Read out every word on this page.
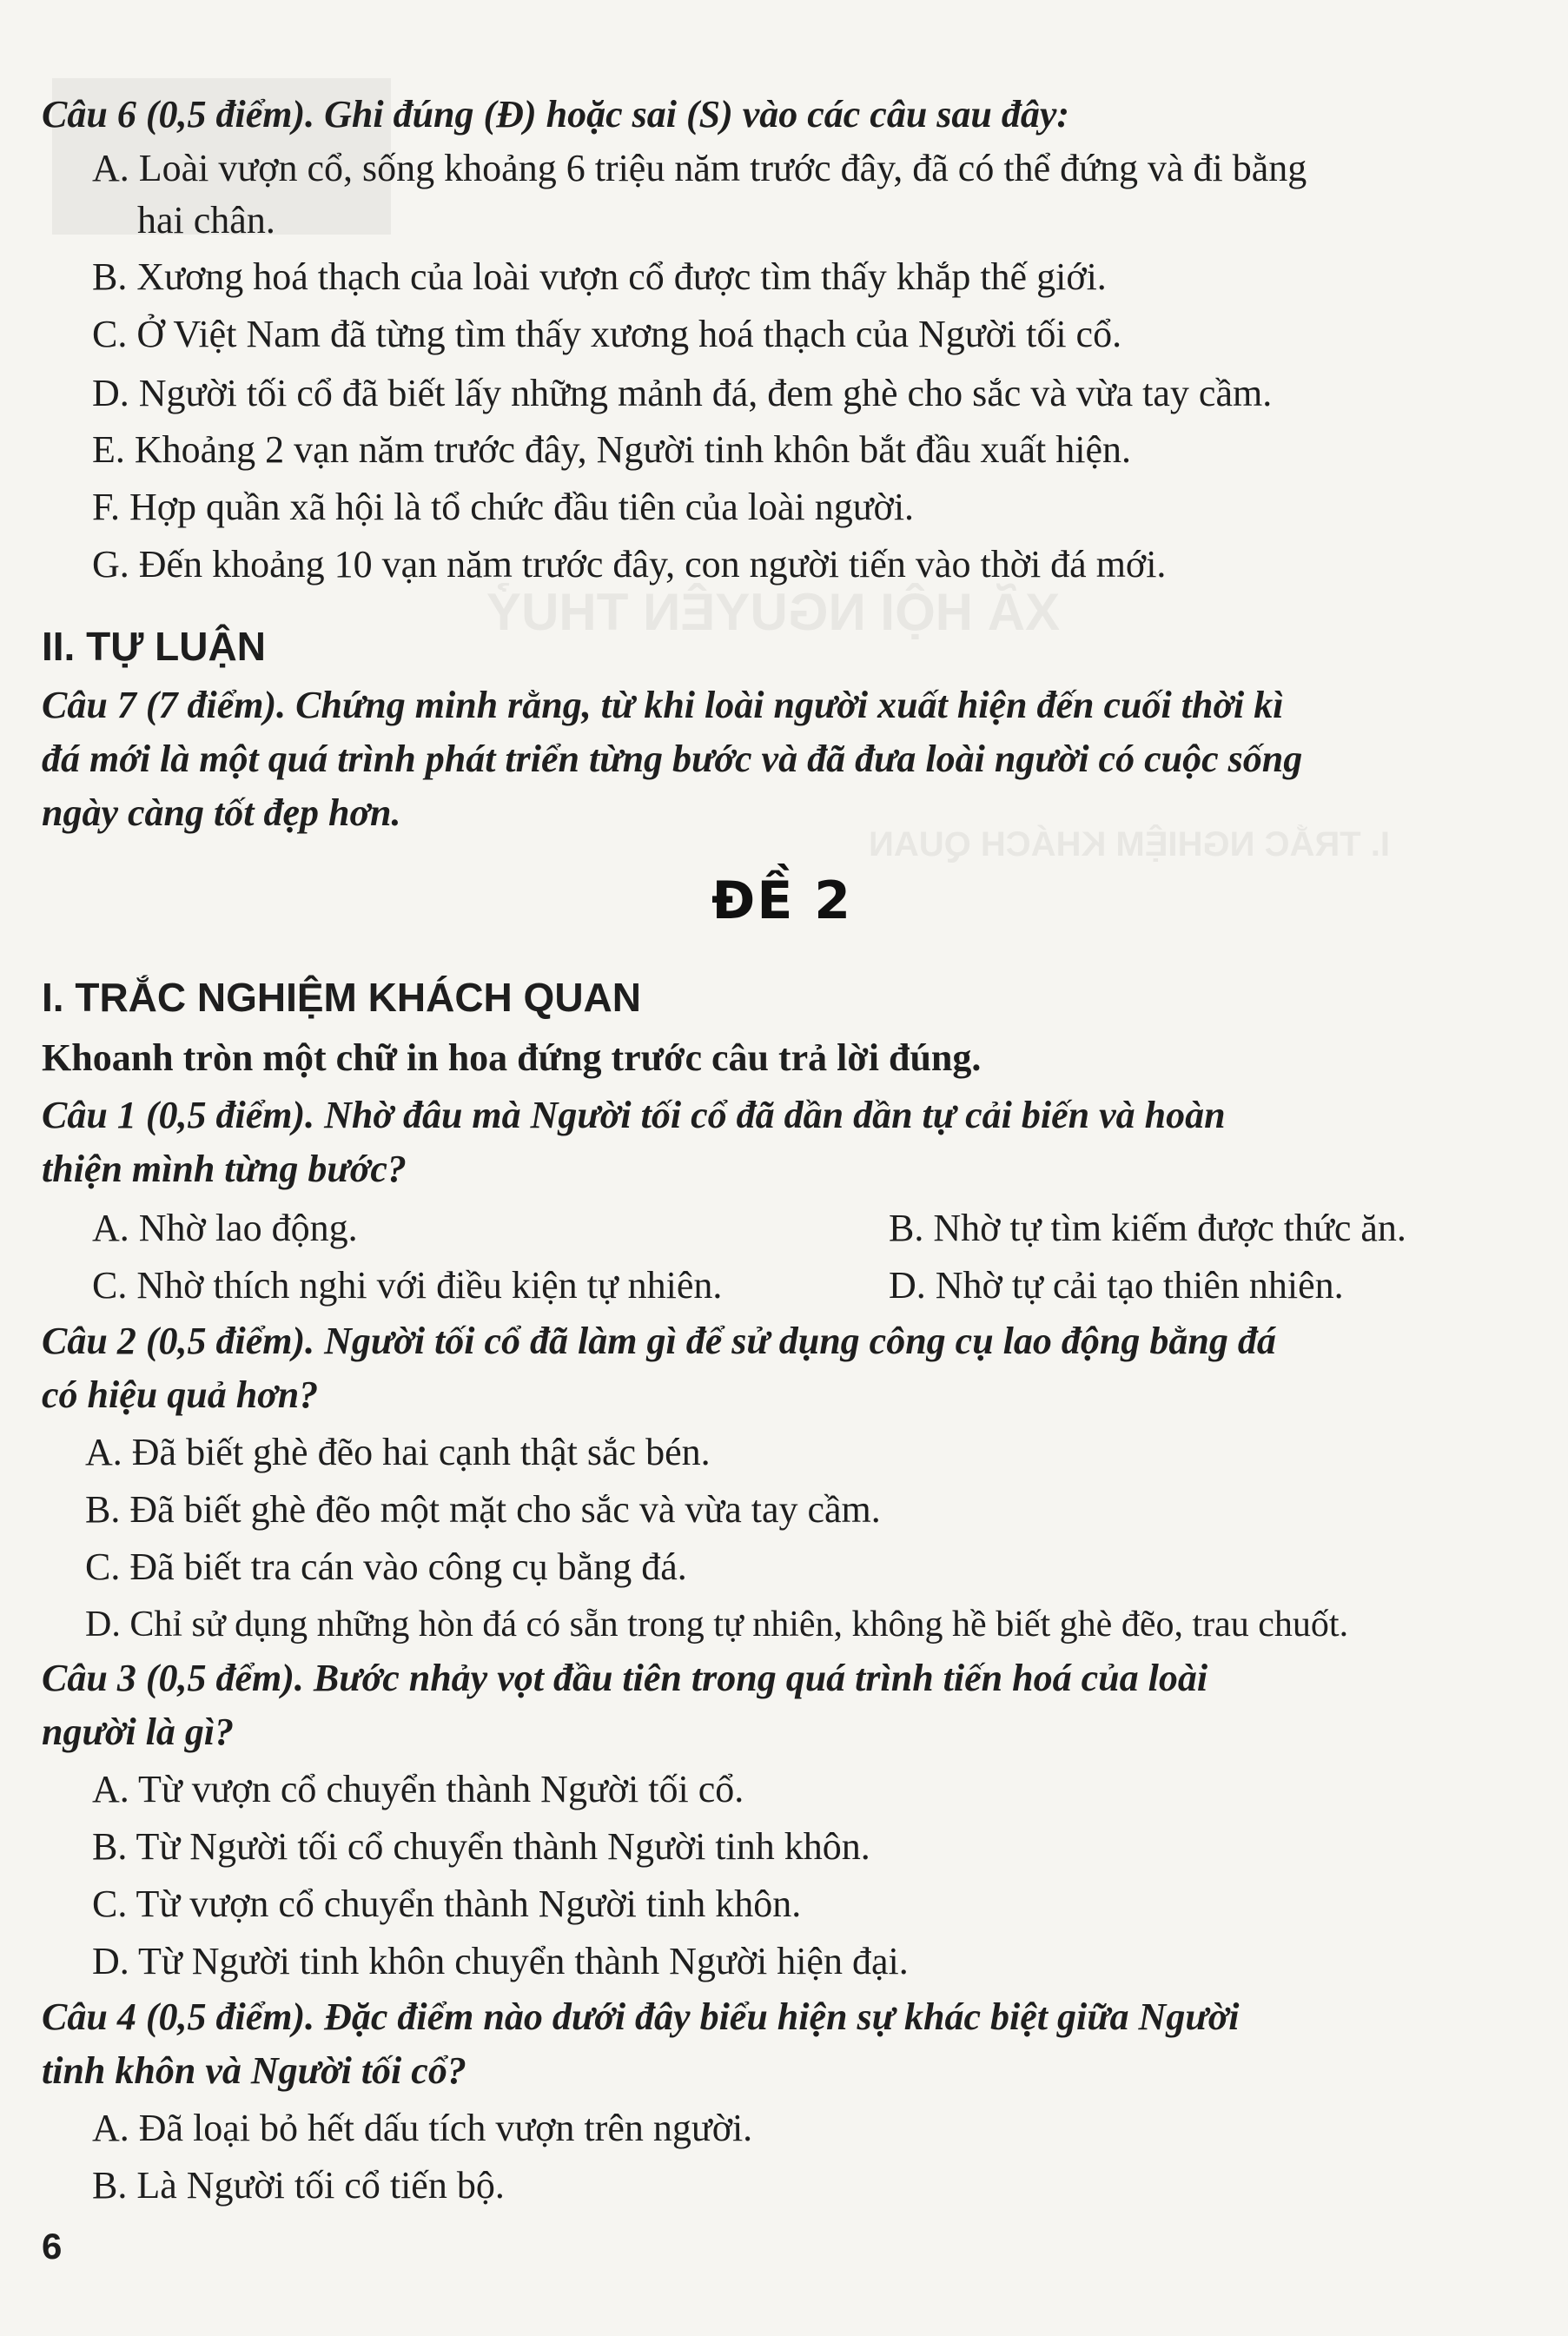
XÃ HỘI NGUYÊN THUỶ
I. TRẮC NGHIỆM KHÁCH QUAN
Câu 6 (0,5 điểm). Ghi đúng (Đ) hoặc sai (S) vào các câu sau đây:
A. Loài vượn cổ, sống khoảng 6 triệu năm trước đây, đã có thể đứng và đi bằng
hai chân.
B. Xương hoá thạch của loài vượn cổ được tìm thấy khắp thế giới.
C. Ở Việt Nam đã từng tìm thấy xương hoá thạch của Người tối cổ.
D. Người tối cổ đã biết lấy những mảnh đá, đem ghè cho sắc và vừa tay cầm.
E. Khoảng 2 vạn năm trước đây, Người tinh khôn bắt đầu xuất hiện.
F. Hợp quần xã hội là tổ chức đầu tiên của loài người.
G. Đến khoảng 10 vạn năm trước đây, con người tiến vào thời đá mới.
II. TỰ LUẬN
Câu 7 (7 điểm). Chứng minh rằng, từ khi loài người xuất hiện đến cuối thời kì
đá mới là một quá trình phát triển từng bước và đã đưa loài người có cuộc sống
ngày càng tốt đẹp hơn.
ĐỀ 2
I. TRẮC NGHIỆM KHÁCH QUAN
Khoanh tròn một chữ in hoa đứng trước câu trả lời đúng.
Câu 1 (0,5 điểm). Nhờ đâu mà Người tối cổ đã dần dần tự cải biến và hoàn
thiện mình từng bước?
A. Nhờ lao động.	B. Nhờ tự tìm kiếm được thức ăn.
C. Nhờ thích nghi với điều kiện tự nhiên.	D. Nhờ tự cải tạo thiên nhiên.
Câu 2 (0,5 điểm). Người tối cổ đã làm gì để sử dụng công cụ lao động bằng đá
có hiệu quả hơn?
A. Đã biết ghè đẽo hai cạnh thật sắc bén.
B. Đã biết ghè đẽo một mặt cho sắc và vừa tay cầm.
C. Đã biết tra cán vào công cụ bằng đá.
D. Chỉ sử dụng những hòn đá có sẵn trong tự nhiên, không hề biết ghè đẽo, trau chuốt.
Câu 3 (0,5 đểm). Bước nhảy vọt đầu tiên trong quá trình tiến hoá của loài
người là gì?
A. Từ vượn cổ chuyển thành Người tối cổ.
B. Từ Người tối cổ chuyển thành Người tinh khôn.
C. Từ vượn cổ chuyển thành Người tinh khôn.
D. Từ Người tinh khôn chuyển thành Người hiện đại.
Câu 4 (0,5 điểm). Đặc điểm nào dưới đây biểu hiện sự khác biệt giữa Người
tinh khôn và Người tối cổ?
A. Đã loại bỏ hết dấu tích vượn trên người.
B. Là Người tối cổ tiến bộ.
6
